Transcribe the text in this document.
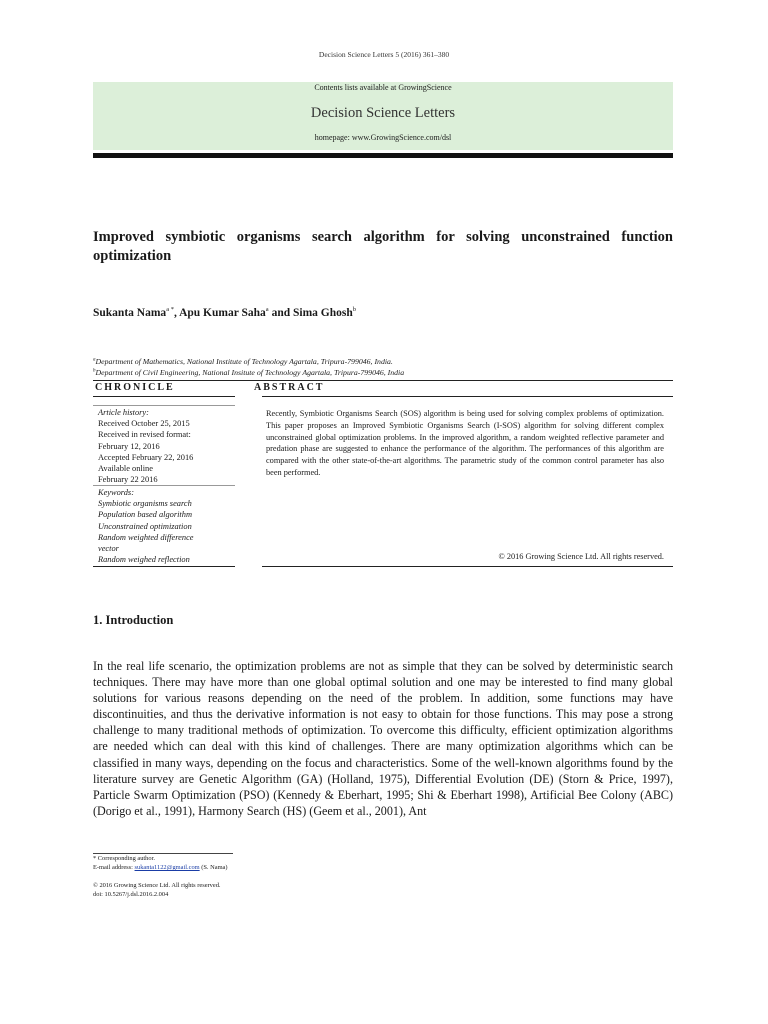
Decision Science Letters 5 (2016) 361–380
Contents lists available at GrowingScience
Decision Science Letters
homepage: www.GrowingScience.com/dsl
Improved symbiotic organisms search algorithm for solving unconstrained function optimization
Sukanta Nama$^{a *}$, Apu Kumar Saha$^a$ and Sima Ghosh$^b$
$^a$Department of Mathematics, National Institute of Technology Agartala, Tripura-799046, India.
$^b$Department of Civil Engineering, National Insitute of Technology Agartala, Tripura-799046, India
CHRONICLE	ABSTRACT
Article history:
Received October 25, 2015
Received in revised format:
February 12, 2016
Accepted February 22, 2016
Available online
February 22 2016
Keywords:
Symbiotic organisms search
Population based algorithm
Unconstrained optimization
Random weighted difference
vector
Random weighed reflection
Recently, Symbiotic Organisms Search (SOS) algorithm is being used for solving complex problems of optimization. This paper proposes an Improved Symbiotic Organisms Search (I-SOS) algorithm for solving different complex unconstrained global optimization problems. In the improved algorithm, a random weighted reflective parameter and predation phase are suggested to enhance the performance of the algorithm. The performances of this algorithm are compared with the other state-of-the-art algorithms. The parametric study of the common control parameter has also been performed.
© 2016 Growing Science Ltd. All rights reserved.
1. Introduction
In the real life scenario, the optimization problems are not as simple that they can be solved by deterministic search techniques. There may have more than one global optimal solution and one may be interested to find many global solutions for various reasons depending on the need of the problem. In addition, some functions may have discontinuities, and thus the derivative information is not easy to obtain for those functions. This may pose a strong challenge to many traditional methods of optimization. To overcome this difficulty, efficient optimization algorithms are needed which can deal with this kind of challenges. There are many optimization algorithms which can be classified in many ways, depending on the focus and characteristics. Some of the well-known algorithms found by the literature survey are Genetic Algorithm (GA) (Holland, 1975), Differential Evolution (DE) (Storn & Price, 1997), Particle Swarm Optimization (PSO) (Kennedy & Eberhart, 1995; Shi & Eberhart 1998), Artificial Bee Colony (ABC) (Dorigo et al., 1991), Harmony Search (HS) (Geem et al., 2001), Ant
* Corresponding author.
E-mail address: sukanta1122@gmail.com (S. Nama)
© 2016 Growing Science Ltd. All rights reserved.
doi: 10.5267/j.dsl.2016.2.004
